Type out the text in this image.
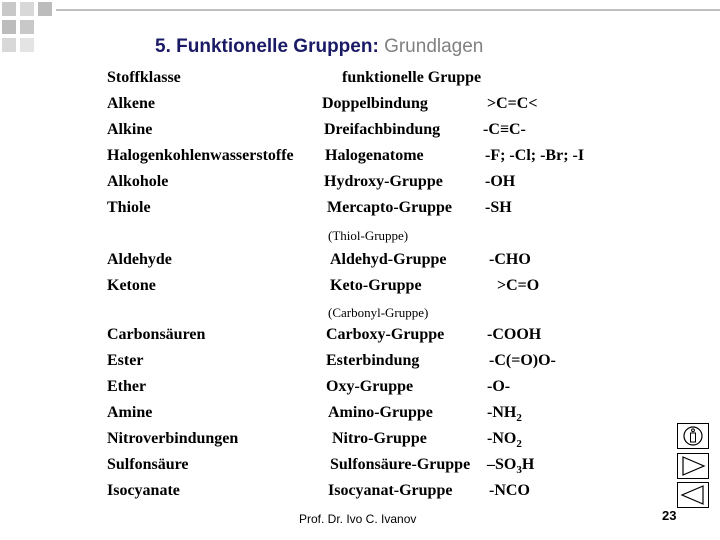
5. Funktionelle Gruppen: Grundlagen
Stoffklasse	funktionelle Gruppe
Alkene	Doppelbindung	>C=C<
Alkine	Dreifachbindung	-C≡C-
Halogenkohlenwasserstoffe Halogenatome	-F; -Cl; -Br; -I
Alkohole	Hydroxy-Gruppe	-OH
Thiole	Mercapto-Gruppe -SH
(Thiol-Gruppe)
Aldehyde	Aldehyd-Gruppe	-CHO
Ketone	Keto-Gruppe	>C=O
(Carbonyl-Gruppe)
Carbonsäuren	Carboxy-Gruppe	-COOH
Ester	Esterbindung	-C(=O)O-
Ether	Oxy-Gruppe	-O-
Amine	Amino-Gruppe	$-NH_2$
Nitroverbindungen	Nitro-Gruppe	$-NO_2$
Sulfonsäure	Sulfonsäure-Gruppe $-SO_3H$
Isocyanate	Isocyanat-Gruppe -NCO
Prof. Dr. Ivo C. Ivanov	23
